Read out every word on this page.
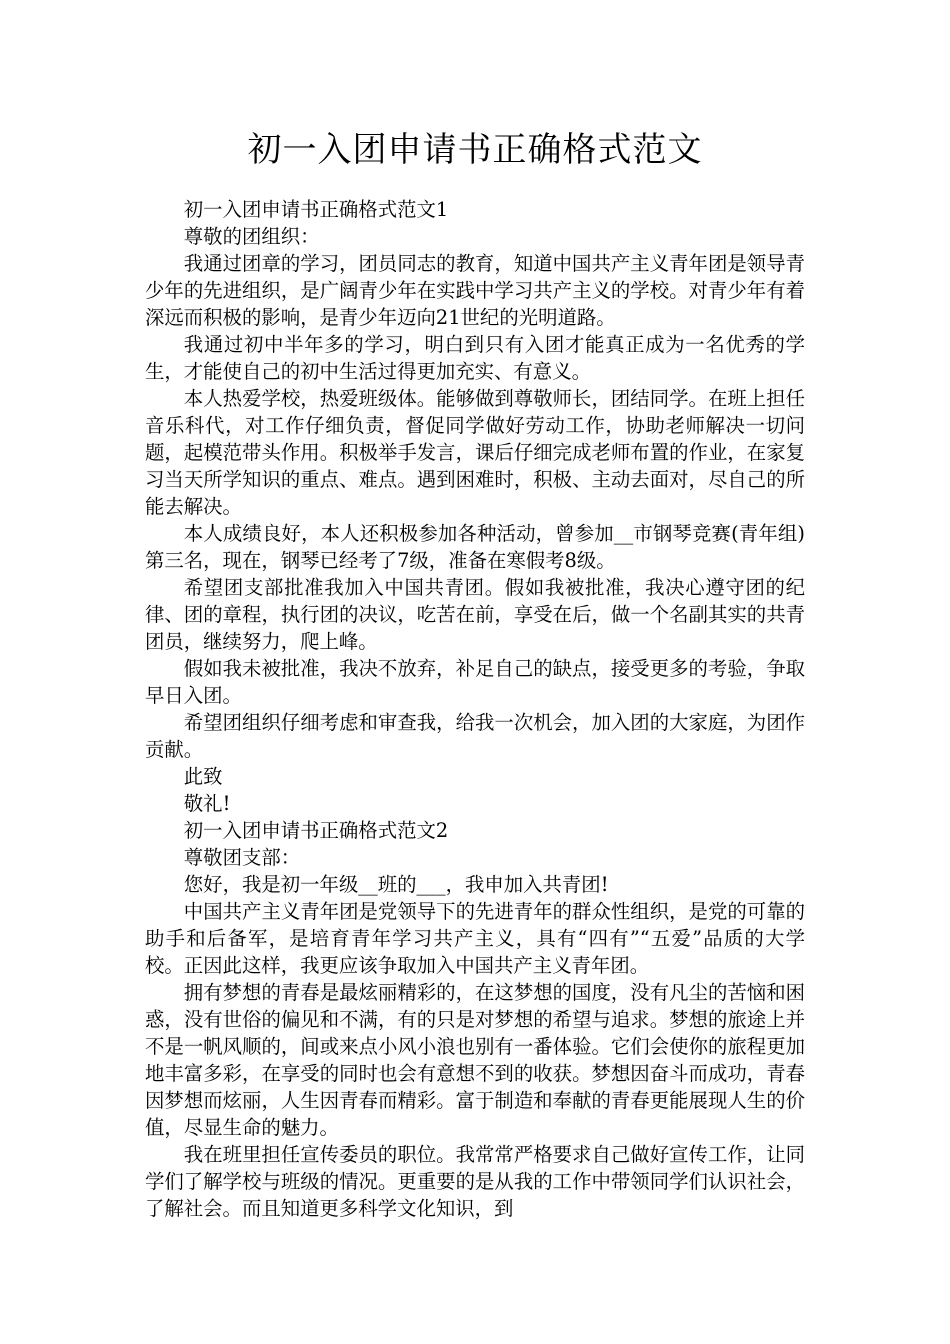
初一入团申请书正确格式范文

初一入团申请书正确格式范文1

尊敬的团组织：

我通过团章的学习，团员同志的教育，知道中国共产主义青年团是领导青少年的先进组织，是广阔青少年在实践中学习共产主义的学校。对青少年有着深远而积极的影响，是青少年迈向21世纪的光明道路。

我通过初中半年多的学习，明白到只有入团才能真正成为一名优秀的学生，才能使自己的初中生活过得更加充实、有意义。

本人热爱学校，热爱班级体。能够做到尊敬师长，团结同学。在班上担任音乐科代，对工作仔细负责，督促同学做好劳动工作，协助老师解决一切问题，起模范带头作用。积极举手发言，课后仔细完成老师布置的作业，在家复习当天所学知识的重点、难点。遇到困难时，积极、主动去面对，尽自己的所能去解决。

本人成绩良好，本人还积极参加各种活动，曾参加__市钢琴竞赛(青年组)第三名，现在，钢琴已经考了7级，准备在寒假考8级。

希望团支部批准我加入中国共青团。假如我被批准，我决心遵守团的纪律、团的章程，执行团的决议，吃苦在前，享受在后，做一个名副其实的共青团员，继续努力，爬上峰。

假如我未被批准，我决不放弃，补足自己的缺点，接受更多的考验，争取早日入团。

希望团组织仔细考虑和审查我，给我一次机会，加入团的大家庭，为团作贡献。

此致

敬礼!

初一入团申请书正确格式范文2

尊敬团支部：

您好，我是初一年级__班的___，我申加入共青团!

中国共产主义青年团是党领导下的先进青年的群众性组织，是党的可靠的助手和后备军，是培育青年学习共产主义，具有“四有”“五爱”品质的大学校。正因此这样，我更应该争取加入中国共产主义青年团。

拥有梦想的青春是最炫丽精彩的，在这梦想的国度，没有凡尘的苦恼和困惑，没有世俗的偏见和不满，有的只是对梦想的希望与追求。梦想的旅途上并不是一帆风顺的，间或来点小风小浪也别有一番体验。它们会使你的旅程更加地丰富多彩，在享受的同时也会有意想不到的收获。梦想因奋斗而成功，青春因梦想而炫丽，人生因青春而精彩。富于制造和奉献的青春更能展现人生的价值，尽显生命的魅力。

我在班里担任宣传委员的职位。我常常严格要求自己做好宣传工作，让同学们了解学校与班级的情况。更重要的是从我的工作中带领同学们认识社会，了解社会。而且知道更多科学文化知识，到
